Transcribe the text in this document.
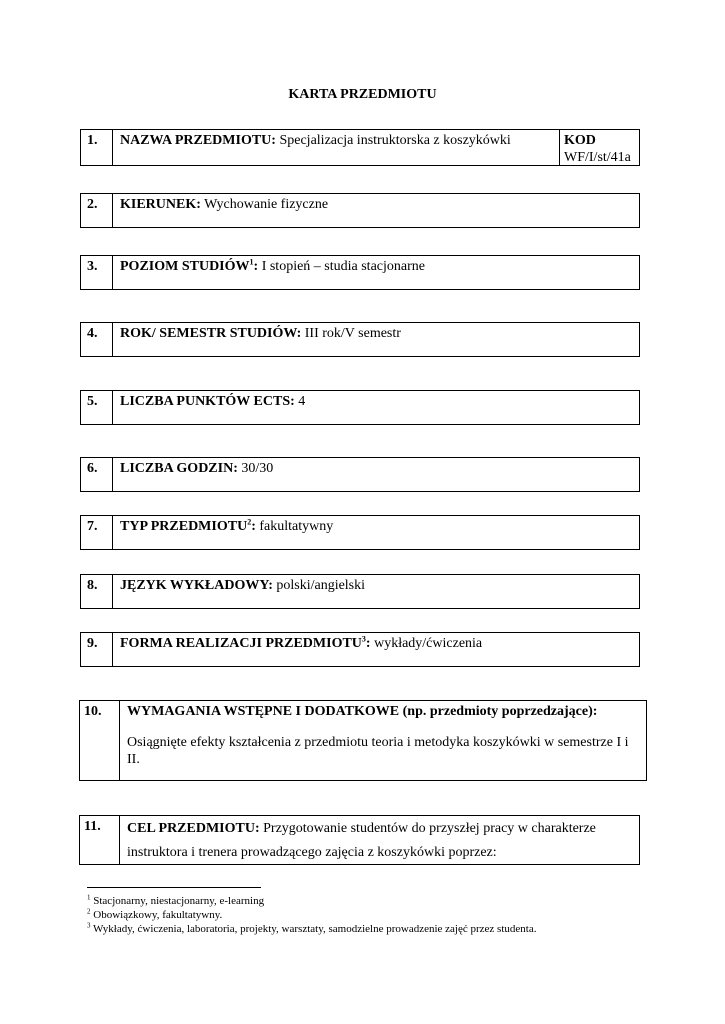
KARTA PRZEDMIOTU
1.	NAZWA PRZEDMIOTU: Specjalizacja instruktorska z koszykówki	KOD
WF/I/st/41a
2.	KIERUNEK: Wychowanie fizyczne
3.	POZIOM STUDIÓW$^1$: I stopień – studia stacjonarne
4.	ROK/ SEMESTR STUDIÓW: III rok/V semestr
5.	LICZBA PUNKTÓW ECTS: 4
6.	LICZBA GODZIN: 30/30
7.	TYP PRZEDMIOTU$^2$: fakultatywny
8.	JĘZYK WYKŁADOWY: polski/angielski
9.	FORMA REALIZACJI PRZEDMIOTU$^3$: wykłady/ćwiczenia
10.	WYMAGANIA WSTĘPNE I DODATKOWE (np. przedmioty poprzedzające):
Osiągnięte efekty kształcenia z przedmiotu teoria i metodyka koszykówki w semestrze I i II.
11.	CEL PRZEDMIOTU: Przygotowanie studentów do przyszłej pracy w charakterze instruktora i trenera prowadzącego zajęcia z koszykówki poprzez:
$^1$ Stacjonarny, niestacjonarny, e-learning
$^2$ Obowiązkowy, fakultatywny.
$^3$ Wykłady, ćwiczenia, laboratoria, projekty, warsztaty, samodzielne prowadzenie zajęć przez studenta.
